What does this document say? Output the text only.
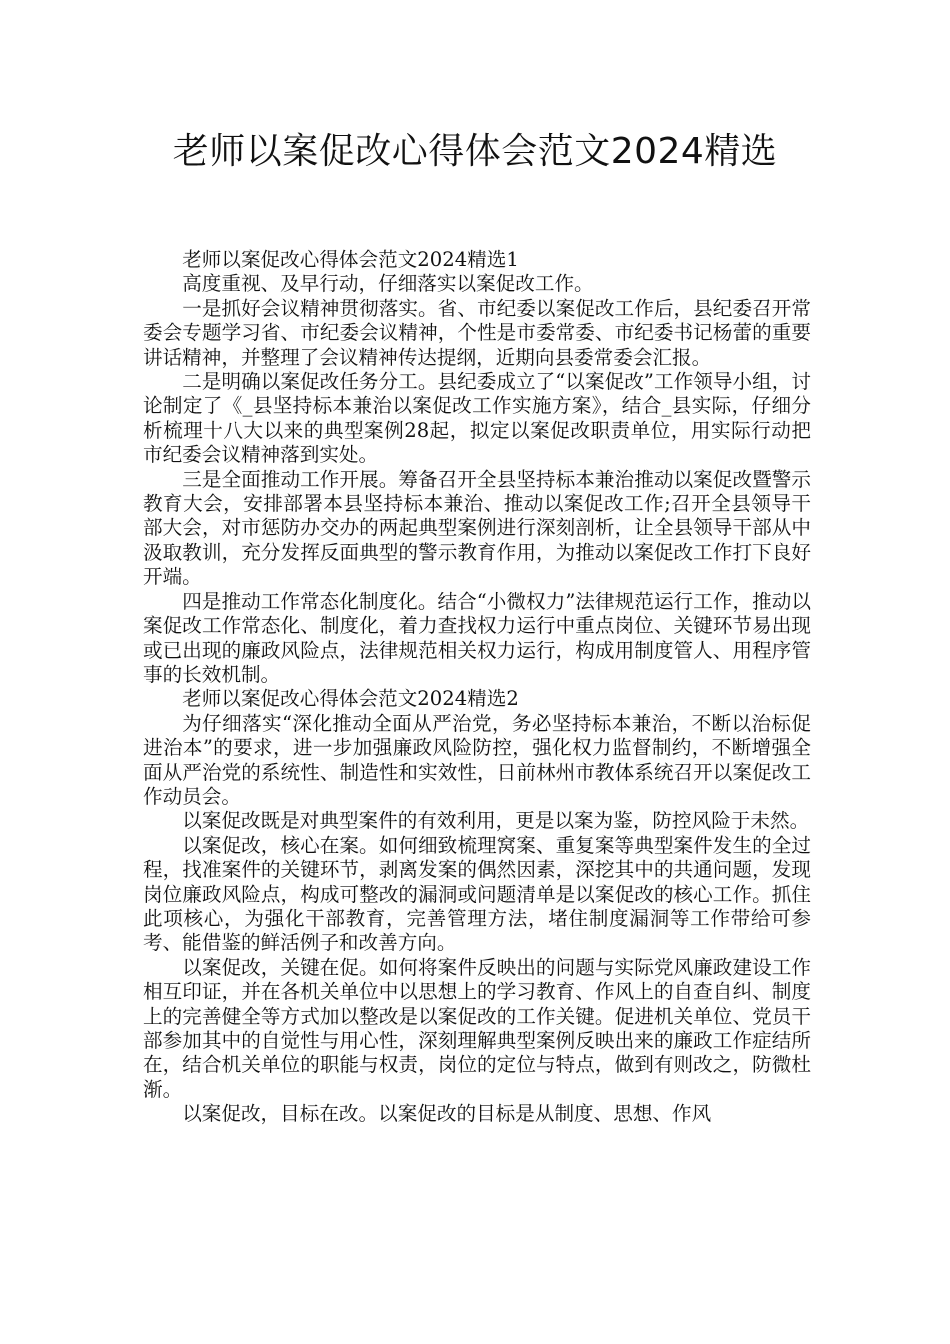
老师以案促改心得体会范文2024精选

老师以案促改心得体会范文2024精选1

高度重视、及早行动，仔细落实以案促改工作。

一是抓好会议精神贯彻落实。省、市纪委以案促改工作后，县纪委召开常委会专题学习省、市纪委会议精神，个性是市委常委、市纪委书记杨蕾的重要讲话精神，并整理了会议精神传达提纲，近期向县委常委会汇报。

二是明确以案促改任务分工。县纪委成立了“以案促改”工作领导小组，讨论制定了《_县坚持标本兼治以案促改工作实施方案》，结合_县实际，仔细分析梳理十八大以来的典型案例28起，拟定以案促改职责单位，用实际行动把市纪委会议精神落到实处。

三是全面推动工作开展。筹备召开全县坚持标本兼治推动以案促改暨警示教育大会，安排部署本县坚持标本兼治、推动以案促改工作;召开全县领导干部大会，对市惩防办交办的两起典型案例进行深刻剖析，让全县领导干部从中汲取教训，充分发挥反面典型的警示教育作用，为推动以案促改工作打下良好开端。

四是推动工作常态化制度化。结合“小微权力”法律规范运行工作，推动以案促改工作常态化、制度化，着力查找权力运行中重点岗位、关键环节易出现或已出现的廉政风险点，法律规范相关权力运行，构成用制度管人、用程序管事的长效机制。

老师以案促改心得体会范文2024精选2

为仔细落实“深化推动全面从严治党，务必坚持标本兼治，不断以治标促进治本”的要求，进一步加强廉政风险防控，强化权力监督制约，不断增强全面从严治党的系统性、制造性和实效性，日前林州市教体系统召开以案促改工作动员会。

以案促改既是对典型案件的有效利用，更是以案为鉴，防控风险于未然。

以案促改，核心在案。如何细致梳理窝案、重复案等典型案件发生的全过程，找准案件的关键环节，剥离发案的偶然因素，深挖其中的共通问题，发现岗位廉政风险点，构成可整改的漏洞或问题清单是以案促改的核心工作。抓住此项核心，为强化干部教育，完善管理方法，堵住制度漏洞等工作带给可参考、能借鉴的鲜活例子和改善方向。

以案促改，关键在促。如何将案件反映出的问题与实际党风廉政建设工作相互印证，并在各机关单位中以思想上的学习教育、作风上的自查自纠、制度上的完善健全等方式加以整改是以案促改的工作关键。促进机关单位、党员干部参加其中的自觉性与用心性，深刻理解典型案例反映出来的廉政工作症结所在，结合机关单位的职能与权责，岗位的定位与特点，做到有则改之，防微杜渐。

以案促改，目标在改。以案促改的目标是从制度、思想、作风
